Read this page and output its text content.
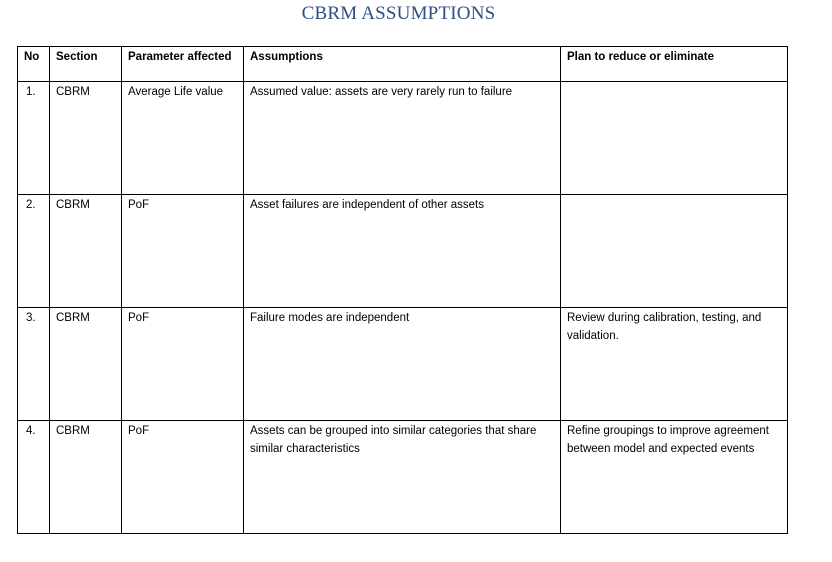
CBRM ASSUMPTIONS
No	Section	Parameter affected	Assumptions	Plan to reduce or eliminate
1.	CBRM	Average Life value	Assumed value: assets are very rarely run to failure	
2.	CBRM	PoF	Asset failures are independent of other assets	
3.	CBRM	PoF	Failure modes are independent	Review during calibration, testing, and validation.
4.	CBRM	PoF	Assets can be grouped into similar categories that share similar characteristics	Refine groupings to improve agreement between model and expected events
